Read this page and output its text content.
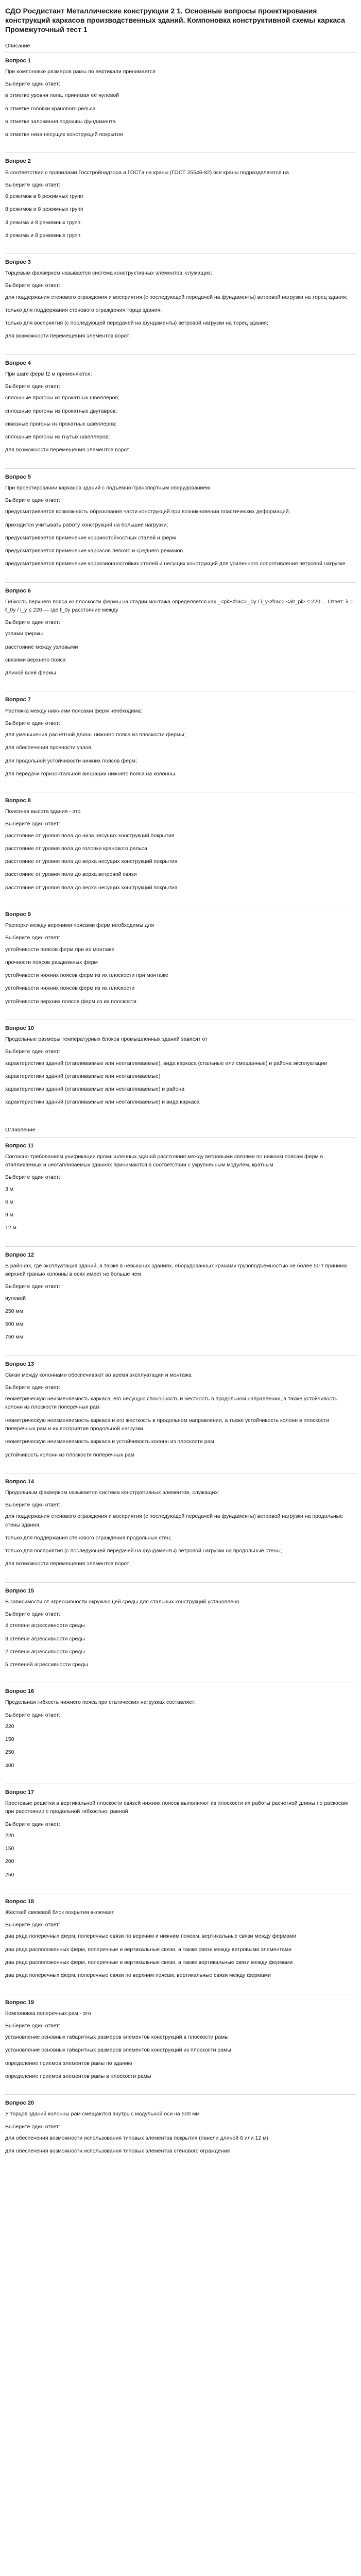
СДО Росдистант Металлические конструкции 2 1. Основные вопросы проектирования конструкций каркасов производственных зданий. Компоновка конструктивной схемы каркаса Промежуточный тест 1
Описание
Вопрос 1
При компоновке размеров рамы по вертикали принимается
Выберите один ответ:
в отметке уровня пола, принимая её нулевой
в отметке головки кранового рельса
в отметке заложения подошвы фундамента
в отметке низа несущих конструкций покрытия
Вопрос 2
В соответствии с правилами Госстройнадзора и ГОСТа на краны (ГОСТ 25546-82) все краны подразделяются на
Выберите один ответ:
6 режимов в 8 режимных групп
8 режимов и 8 режимных групп
3 режима и 8 режимных групп
4 режима и 8 режимных групп
Вопрос 3
Торцевым фахверком называется система конструктивных элементов, служащих:
Выберите один ответ:
для поддержания стенового ограждения и восприятия (с последующей передачей на фундаменты) ветровой нагрузки на торец здания;
только для поддержания стенового ограждения торца здания;
только для восприятия (с последующей передачей на фундаменты) ветровой нагрузки на торец здания;
для возможности перемещения элементов ворот.
Вопрос 4
При шаге ферм l2 м применяются:
Выберите один ответ:
сплошные прогоны из прокатных швеллеров;
сплошные прогоны из прокатных двутавров;
сквозные прогоны из прокатных швеллеров;
сплошные прогоны из гнутых швеллеров;
для возможности перемещения элементов ворот.
Вопрос 5
При проектировании каркасов зданий с подъемно-транспортным оборудованием
Выберите один ответ:
предусматривается возможность образования части конструкций при возникновении пластических деформаций;
приходится учитывать работу конструкций на большие нагрузки;
предусматривается применение корриостойкостных сталей и ферм
предусматривается применение каркасов легкого и среднего режимов
предусматривается применение коррозионностойких сталей и несущих конструкций для усиленного сопротивления ветровой нагрузке
Вопрос 6
Гибкость верхнего пояса из плоскости фермы на стадии монтажа определяется как _<pi><frac>l_0y / i_y</frac> <alt_pi> ≤ 220 ... Ответ: λ = ℓ_0y / i_y ≤ 220 — где ℓ_0y расстояние между
Выберите один ответ:
узлами фермы
расстояние между узловыми
связями верхнего пояса
длиной всей фермы
Вопрос 7
Растяжка между нижними поясами ферм необходима:
Выберите один ответ:
для уменьшения расчётной длины нижнего пояса из плоскости фермы;
для обеспечения прочности узлов;
для продольной устойчивости нижних поясов ферм;
для передачи горизонтальной вибрации нижнего пояса на колонны.
Вопрос 8
Полезная высота здания - это
Выберите один ответ:
расстояние от уровня пола до низа несущих конструкций покрытия
расстояние от уровня пола до головки кранового рельса
расстояние от уровня пола до верха несущих конструкций покрытия
расстояние от уровня пола до верха ветровой связи
расстояние от уровня пола до верха несущих конструкций покрытия
Вопрос 9
Распорки между верхними поясами ферм необходимы для
Выберите один ответ:
устойчивости поясов ферм при их монтаже
прочности поясов раздвижных ферм
устойчивости нижних поясов ферм из их плоскости при монтаже
устойчивости нижних поясов ферм из их плоскости
устойчивости верхних поясов ферм из их плоскости
Вопрос 10
Предельные размеры температурных блоков промышленных зданий зависят от
Выберите один ответ:
характеристики зданий (отапливаемые или неотапливаемые), вида каркаса (стальные или смешанные) и района эксплуатации
характеристики зданий (отапливаемые или неотапливаемые)
характеристики зданий (отапливаемые или неотапливаемые) и района
характеристики зданий (отапливаемые или неотапливаемые) и вида каркаса
Оглавление
Вопрос 11
Согласно требованиям унификации промышленных зданий расстояния между ветровыми связями по нижним поясам ферм в отапливаемых и неотапливаемых зданиях принимаются в соответствии с укрупненным модулем, кратным
Выберите один ответ:
3 м
6 м
9 м
12 м
Вопрос 12
В районах, где эксплуатация зданий, а также в невышних зданиях, оборудованных кранами грузоподъемностью не более 50 т принима верхней гранью колонны в осях имеет не больше чем
Выберите один ответ:
нулевой
250 мм
500 мм
750 мм
Вопрос 13
Связи между колоннами обеспечивают во время эксплуатации и монтажа
Выберите один ответ:
геометрическую неизменяемость каркаса, его несущую способность и жесткость в продольном направлении, а также устойчивость колонн из плоскости поперечных рам
геометрическую неизменяемость каркаса и его жесткость в продольном направлении, а также устойчивость колонн в плоскости поперечных рам и их восприятие продольной нагрузки
геометрическую неизменяемость каркаса и устойчивость колонн из плоскости рам
устойчивость колонн из плоскости поперечных рам
Вопрос 14
Продольным фахверком называется система конструктивных элементов, служащих:
Выберите один ответ:
для поддержания стенового ограждения и восприятия (с последующей передачей на фундаменты) ветровой нагрузки на продольные стены здания;
только для поддержания стенового ограждения продольных стен;
только для восприятия (с последующей передачей на фундаменты) ветровой нагрузки на продольные стены;
для возможности перемещения элементов ворот.
Вопрос 15
В зависимости от агрессивности окружающей среды для стальных конструкций установлено
Выберите один ответ:
4 степени агрессивности среды
3 степени агрессивности среды
2 степени агрессивности среды
5 степеней агрессивности среды
Вопрос 16
Предельная гибкость нижнего пояса при статических нагрузках составляет:
Выберите один ответ:
220
150
250
400
Вопрос 17
Крестовые решетки в вертикальной плоскости связей нижних поясов выполняют из плоскости их работы расчетной длины по раскосам при расстоянии с продольной гибкостью, равной
Выберите один ответ:
220
150
200
250
Вопрос 18
Жесткий связевой блок покрытия включает
Выберите один ответ:
два ряда поперечных ферм, поперечные связи по верхним и нижним поясам, вертикальные связи между фермами
два ряда расположенных ферм, поперечные и вертикальные связи, а также связи между ветровыми элементами
два ряда расположенных ферм, поперечные и вертикальные связи, а также вертикальные связи между фермами
два ряда поперечных ферм, поперечные связи по верхним поясам, вертикальные связи между фермами
Вопрос 19
Компоновка поперечных рам - это
Выберите один ответ:
установление основных габаритных размеров элементов конструкций в плоскости рамы
установление основных габаритных размеров элементов конструкций из плоскости рамы
определение приемов элементов рамы по зданию
определение приемов элементов рамы в плоскости рамы
Вопрос 20
У торцов зданий колонны рам смещаются внутрь с модульной оси на 500 мм
Выберите один ответ:
для обеспечения возможности использования типовых элементов покрытия (панели длиной 6 или 12 м)
для обеспечения возможности использования типовых элементов стенового ограждения
